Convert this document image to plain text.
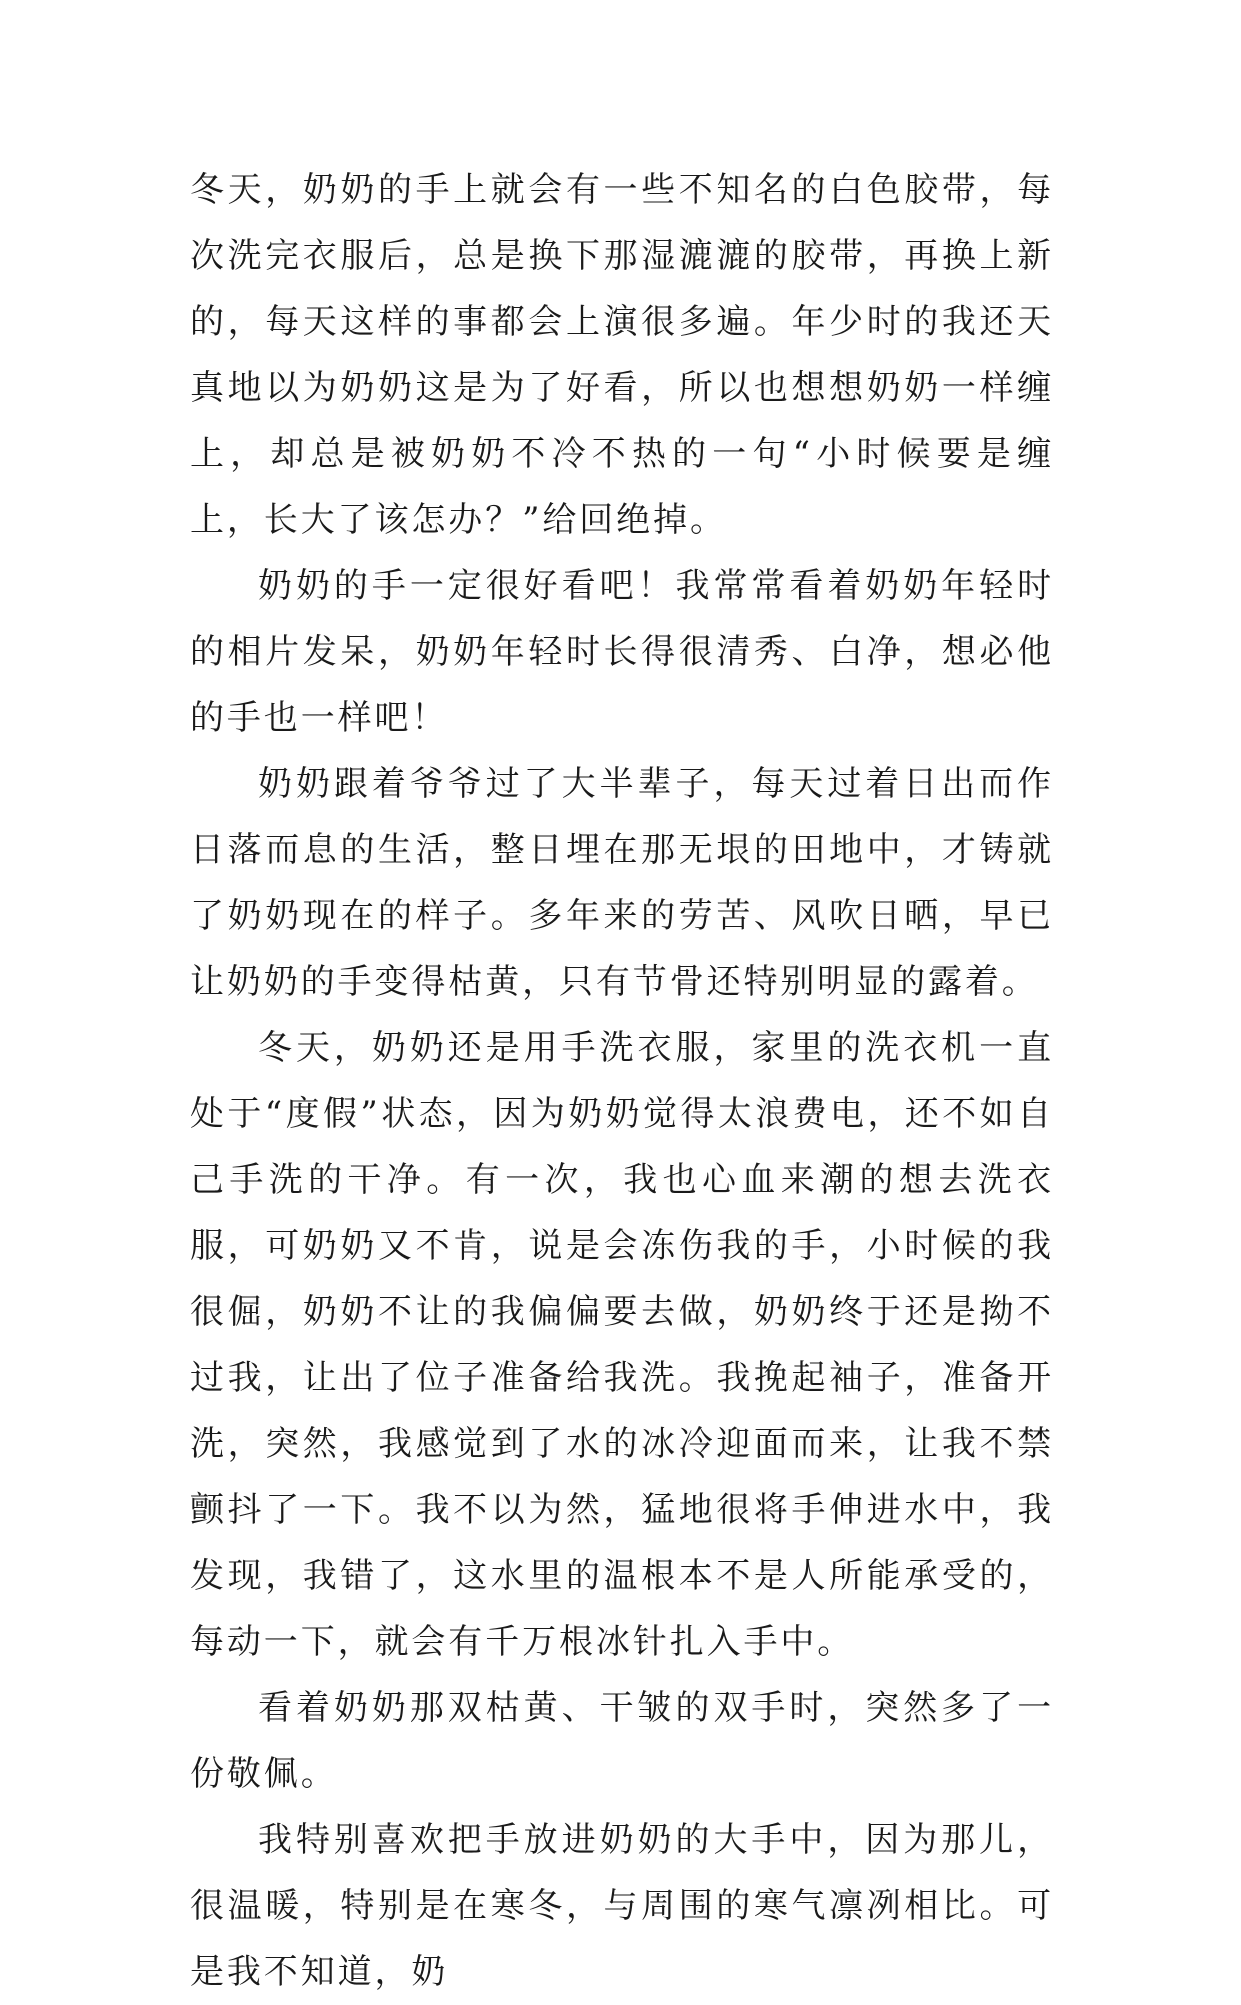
冬天，奶奶的手上就会有一些不知名的白色胶带，每次洗完衣服后，总是换下那湿漉漉的胶带，再换上新的，每天这样的事都会上演很多遍。年少时的我还天真地以为奶奶这是为了好看，所以也想想奶奶一样缠上，却总是被奶奶不冷不热的一句“小时候要是缠上，长大了该怎办？”给回绝掉。

奶奶的手一定很好看吧！我常常看着奶奶年轻时的相片发呆，奶奶年轻时长得很清秀、白净，想必他的手也一样吧！

奶奶跟着爷爷过了大半辈子，每天过着日出而作日落而息的生活，整日埋在那无垠的田地中，才铸就了奶奶现在的样子。多年来的劳苦、风吹日晒，早已让奶奶的手变得枯黄，只有节骨还特别明显的露着。

冬天，奶奶还是用手洗衣服，家里的洗衣机一直处于“度假”状态，因为奶奶觉得太浪费电，还不如自己手洗的干净。有一次，我也心血来潮的想去洗衣服，可奶奶又不肯，说是会冻伤我的手，小时候的我很倔，奶奶不让的我偏偏要去做，奶奶终于还是拗不过我，让出了位子准备给我洗。我挽起袖子，准备开洗，突然，我感觉到了水的冰冷迎面而来，让我不禁颤抖了一下。我不以为然，猛地很将手伸进水中，我发现，我错了，这水里的温根本不是人所能承受的，每动一下，就会有千万根冰针扎入手中。

看着奶奶那双枯黄、干皱的双手时，突然多了一份敬佩。

我特别喜欢把手放进奶奶的大手中，因为那儿，很温暖，特别是在寒冬，与周围的寒气凛冽相比。可是我不知道，奶
